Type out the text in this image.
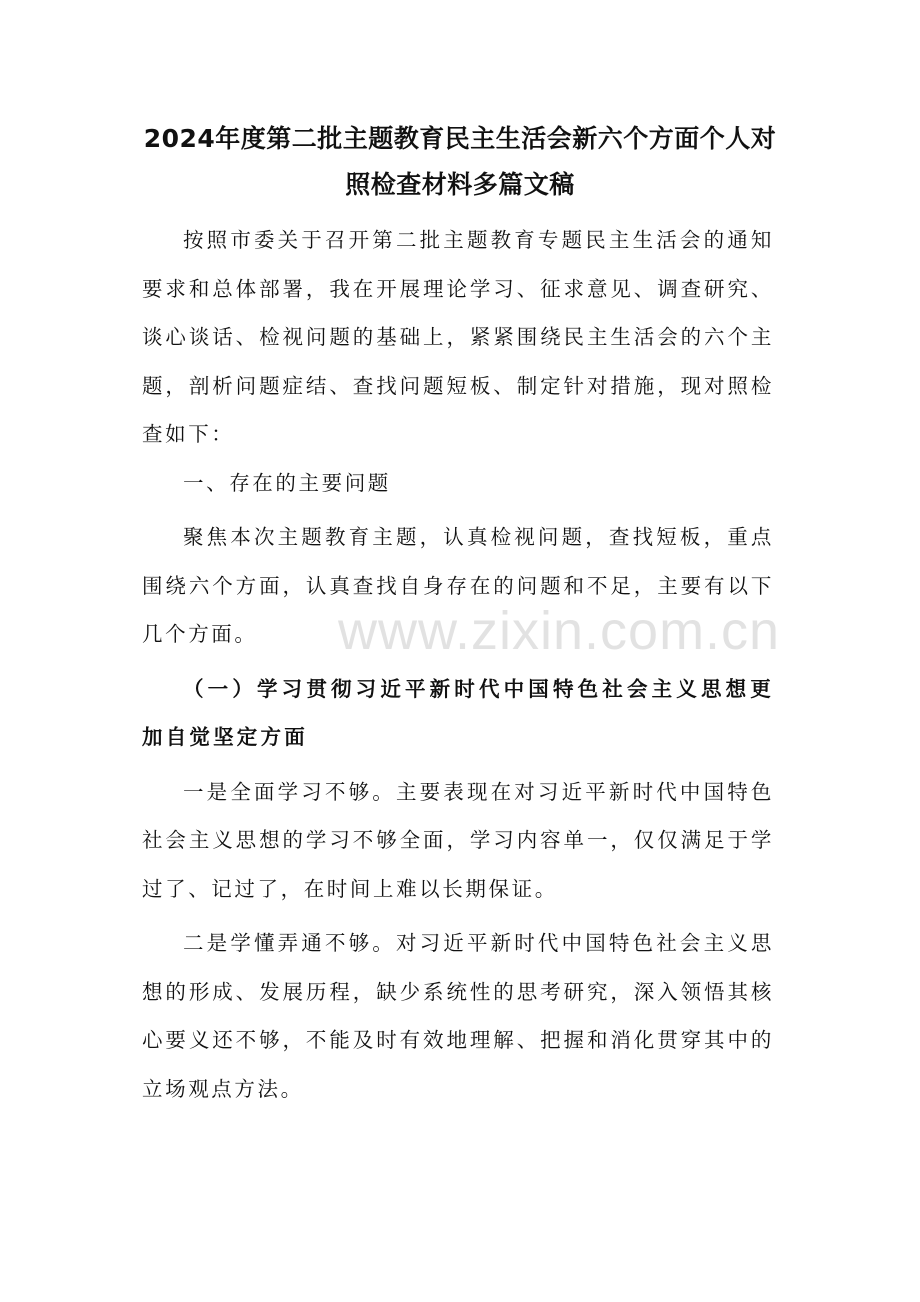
2024年度第二批主题教育民主生活会新六个方面个人对照检查材料多篇文稿

按照市委关于召开第二批主题教育专题民主生活会的通知要求和总体部署，我在开展理论学习、征求意见、调查研究、谈心谈话、检视问题的基础上，紧紧围绕民主生活会的六个主题，剖析问题症结、查找问题短板、制定针对措施，现对照检查如下：

一、存在的主要问题

聚焦本次主题教育主题，认真检视问题，查找短板，重点围绕六个方面，认真查找自身存在的问题和不足，主要有以下几个方面。

（一）学习贯彻习近平新时代中国特色社会主义思想更加自觉坚定方面

一是全面学习不够。主要表现在对习近平新时代中国特色社会主义思想的学习不够全面，学习内容单一，仅仅满足于学过了、记过了，在时间上难以长期保证。

二是学懂弄通不够。对习近平新时代中国特色社会主义思想的形成、发展历程，缺少系统性的思考研究，深入领悟其核心要义还不够，不能及时有效地理解、把握和消化贯穿其中的立场观点方法。

www.zixin.com.cn
